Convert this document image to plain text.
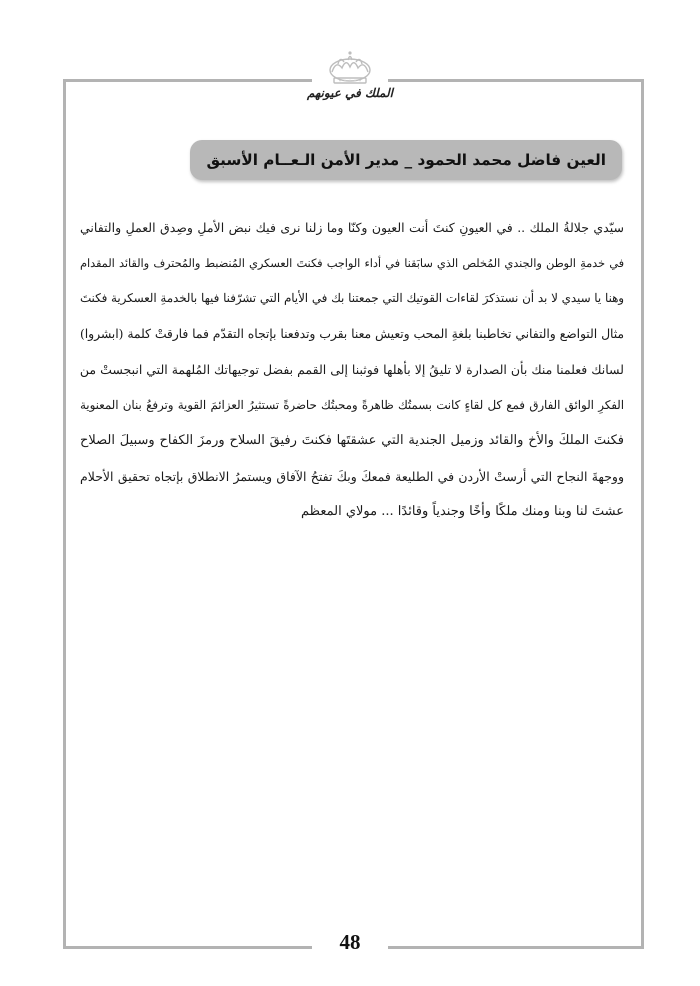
الملك في عيونهم
العين فاضل محمد الحمود _ مدير الأمن الـعــام الأسبق
سيّدي جلالةُ الملك .. في العيونِ كنتَ أنت العيون وكنّا وما زلنا نرى فيك نبض الأملِ وصِدق العملِ والتفاني
في خدمةِ الوطن والجندي المُخلص الذي سابَقنا في أداء الواجب فكنتَ العسكري المُنضبط والمُحترف والقائد المقدام
وهنا يا سيدي لا بد أن نستذكرَ لقاءات القوتيك التي جمعتنا بك في الأيام التي تشرّفنا فيها بالخدمةِ العسكرية فكنتَ
مثال التواضع والتفاني تخاطبنا بلغةِ المحب وتعيش معنا بقرب وتدفعنا بإتجاه التقدّم فما فارقتْ كلمة (ابشروا)
لسانك فعلمنا منك بأن الصدارة لا تليقُ إلا بأهلها فوثبنا إلى القمم بفضل توجيهاتك المُلهمة التي انبجستْ من
الفكرِ الوائق الفارق فمع كل لقاءٍ كانت بسمتُك ظاهرةً ومحبتُك حاضرةً تستثيرُ العزائمَ القوية وترفعُ بنان المعنوية
فكنتَ الملكَ والأخ والقائد وزميل الجندية التي عشقتَها فكنتَ رفيقَ السلاح ورمزَ الكفاح وسبيلَ الصلاح
ووجهةَ النجاح التي أرستْ الأردن في الطليعة فمعكَ وبكَ تفتحُ الآفاق ويستمرُ الانطلاق بإتجاه تحقيق الأحلام
عشتَ لنا وبنا ومنك ملكًا وأخًا وجندياً وقائدًا ... مولاي المعظم
48
